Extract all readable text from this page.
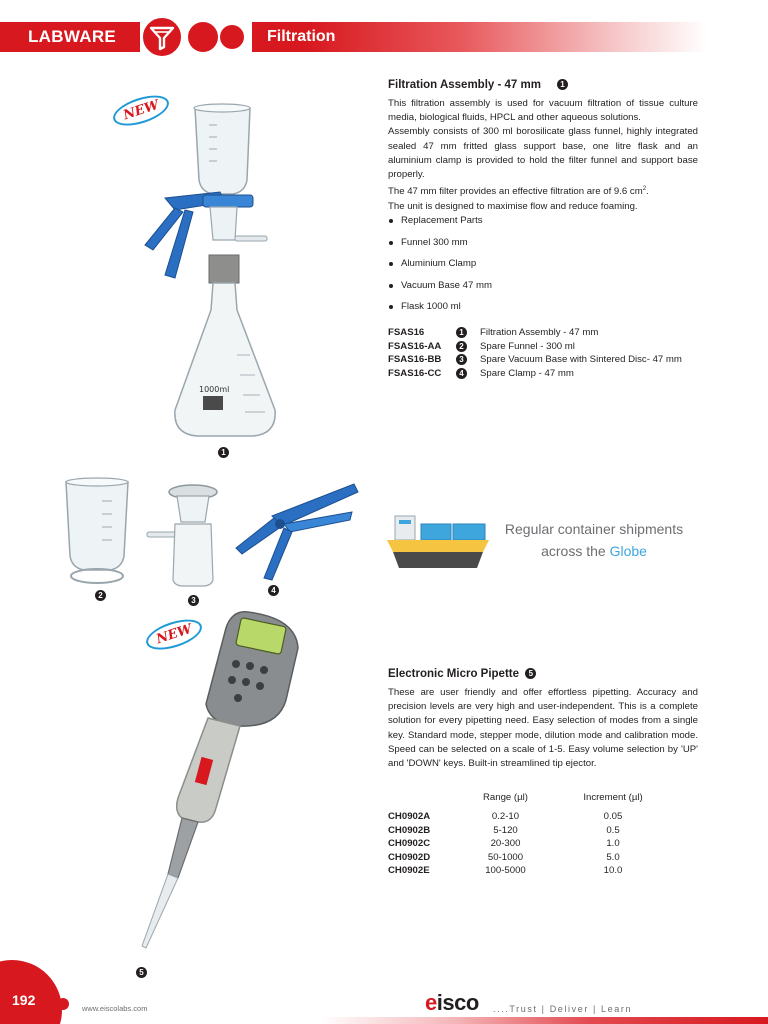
LABWARE	Filtration
NEW
1000ml
1
Filtration Assembly - 47 mm 1

This filtration assembly is used for vacuum filtration of tissue culture media, biological fluids, HPCL and other aqueous solutions.

Assembly consists of 300 ml borosilicate glass funnel, highly integrated sealed 47 mm fritted glass support base, one litre flask and an aluminium clamp is provided to hold the filter funnel and support base properly.

The 47 mm filter provides an effective filtration are of 9.6 $cm^2$.

The unit is designed to maximise flow and reduce foaming.

Replacement Parts
Funnel 300 mm
Aluminium Clamp
Vacuum Base 47 mm
Flask 1000 ml
FSAS16	1	Filtration Assembly - 47 mm
FSAS16-AA	2	Spare Funnel - 300 ml
FSAS16-BB	3	Spare Vacuum Base with Sintered Disc- 47 mm
FSAS16-CC	4	Spare Clamp - 47 mm
2
3
4
Regular container shipments
across the Globe
NEW
5
Electronic Micro Pipette 5
These are user friendly and offer effortless pipetting. Accuracy and precision levels are very high and user-independent. This is a complete solution for every pipetting need. Easy selection of modes from a single key. Standard mode, stepper mode, dilution mode and calibration mode. Speed can be selected on a scale of 1-5. Easy volume selection by 'UP' and 'DOWN' keys. Built-in streamlined tip ejector.
	Range (µl)	Increment (µl)
CH0902A	0.2-10	0.05
CH0902B	5-120	0.5
CH0902C	20-300	1.0
CH0902D	50-1000	5.0
CH0902E	100-5000	10.0
192
www.eiscolabs.com	eisco ....Trust | Deliver | Learn
